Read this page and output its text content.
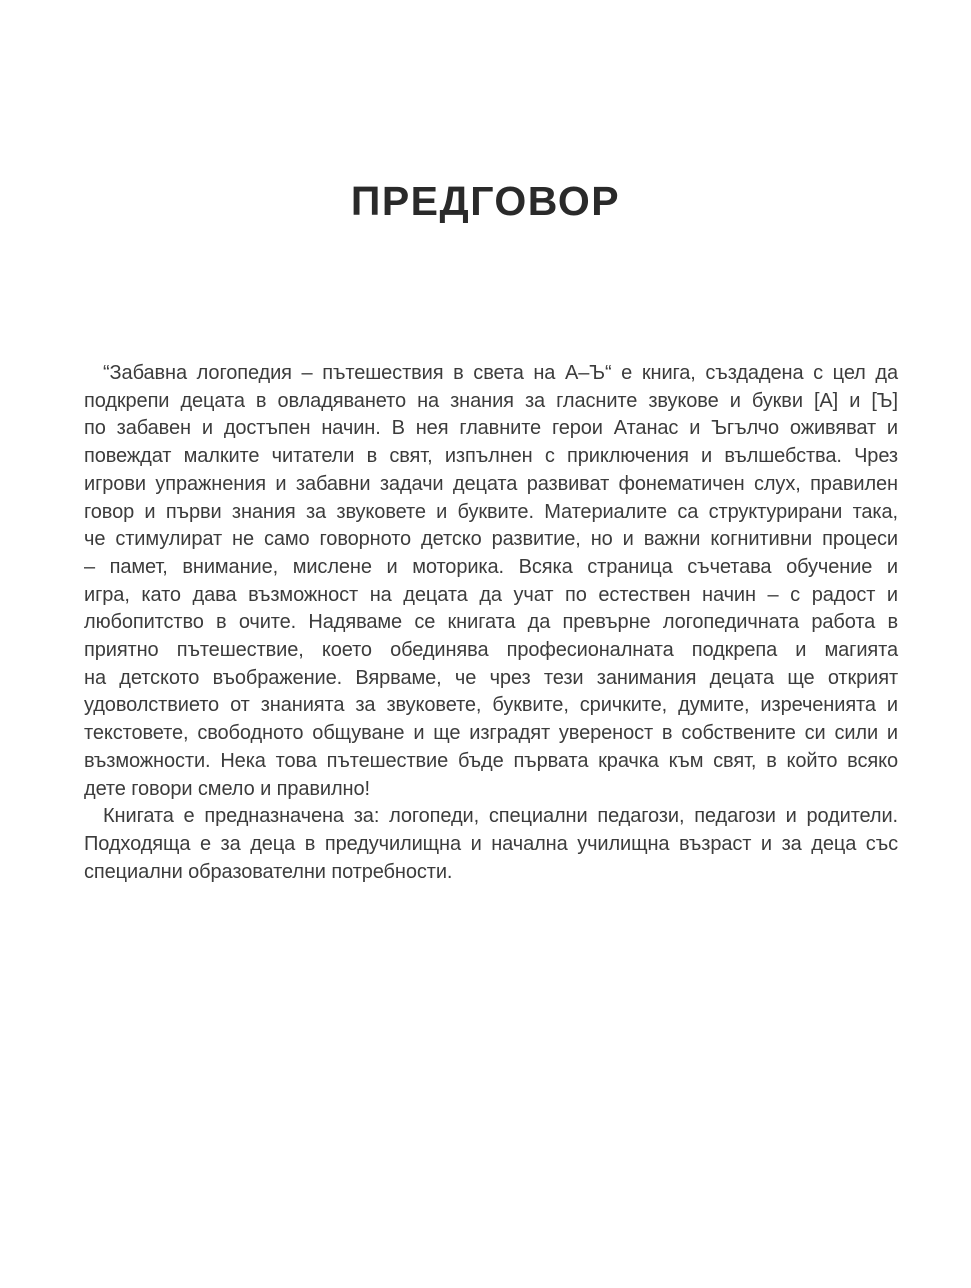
ПРЕДГОВОР
“Забавна логопедия – пътешествия в света на А–Ъ“ е книга, създадена с цел да
подкрепи децата в овладяването на знания за гласните звукове и букви [А] и [Ъ]
по забавен и достъпен начин. В нея главните герои Атанас и Ъгълчо оживяват и
повеждат малките читатели в свят, изпълнен с приключения и вълшебства. Чрез
игрови упражнения и забавни задачи децата развиват фонематичен слух, правилен
говор и първи знания за звуковете и буквите. Материалите са структурирани така,
че стимулират не само говорното детско развитие, но и важни когнитивни процеси
– памет, внимание, мислене и моторика. Всяка страница съчетава обучение и
игра, като дава възможност на децата да учат по естествен начин – с радост и
любопитство в очите. Надяваме се книгата да превърне логопедичната работа в
приятно пътешествие, което обединява професионалната подкрепа и магията
на детското въображение. Вярваме, че чрез тези занимания децата ще открият
удоволствието от знанията за звуковете, буквите, сричките, думите, изреченията и
текстовете, свободното общуване и ще изградят увереност в собствените си сили и
възможности. Нека това пътешествие бъде първата крачка към свят, в който всяко
дете говори смело и правилно!
Книгата е предназначена за: логопеди, специални педагози, педагози и родители.
Подходяща е за деца в предучилищна и начална училищна възраст и за деца със
специални образователни потребности.
